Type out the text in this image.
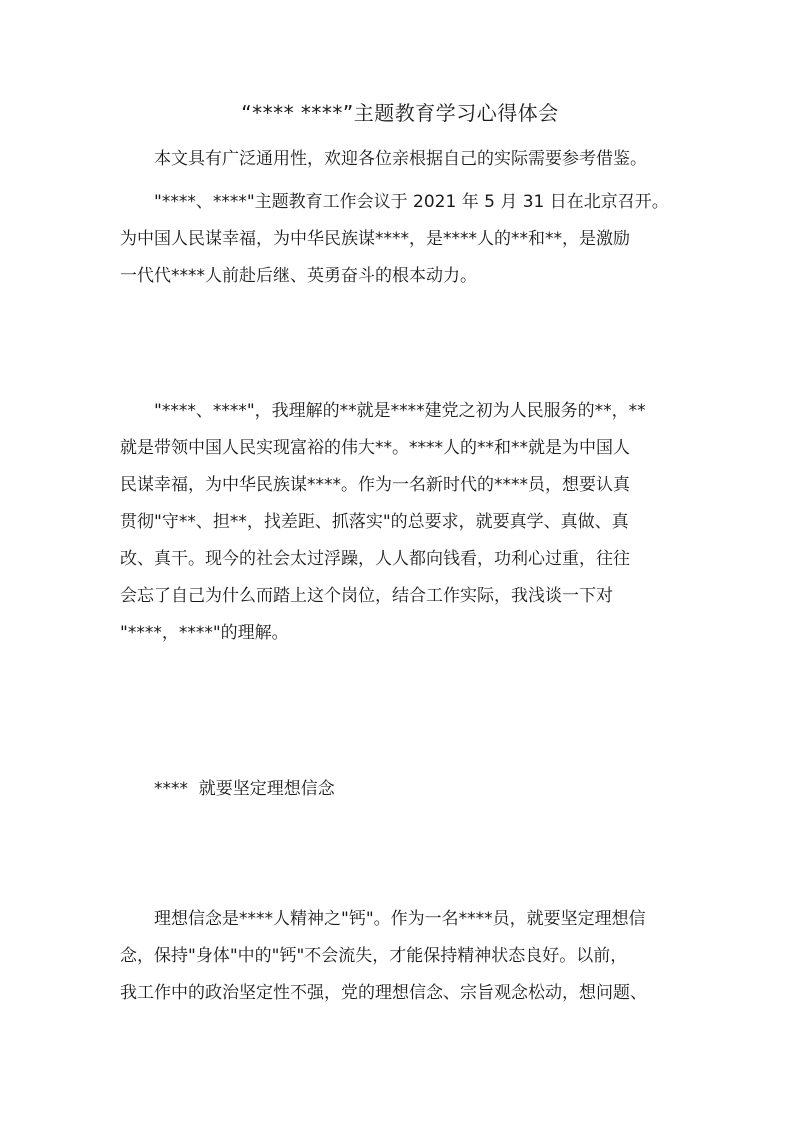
“**** ****”主题教育学习心得体会

本文具有广泛通用性，欢迎各位亲根据自己的实际需要参考借鉴。

"****、****"主题教育工作会议于 2021 年 5 月 31 日在北京召开。
为中国人民谋幸福，为中华民族谋****，是****人的**和**，是激励
一代代****人前赴后继、英勇奋斗的根本动力。

"****、****"，我理解的**就是****建党之初为人民服务的**，**
就是带领中国人民实现富裕的伟大**。****人的**和**就是为中国人
民谋幸福，为中华民族谋****。作为一名新时代的****员，想要认真
贯彻"守**、担**，找差距、抓落实"的总要求，就要真学、真做、真
改、真干。现今的社会太过浮躁，人人都向钱看，功利心过重，往往
会忘了自己为什么而踏上这个岗位，结合工作实际，我浅谈一下对
"****，****"的理解。

****  就要坚定理想信念

理想信念是****人精神之"钙"。作为一名****员，就要坚定理想信
念，保持"身体"中的"钙"不会流失，才能保持精神状态良好。以前，
我工作中的政治坚定性不强，党的理想信念、宗旨观念松动，想问题、
